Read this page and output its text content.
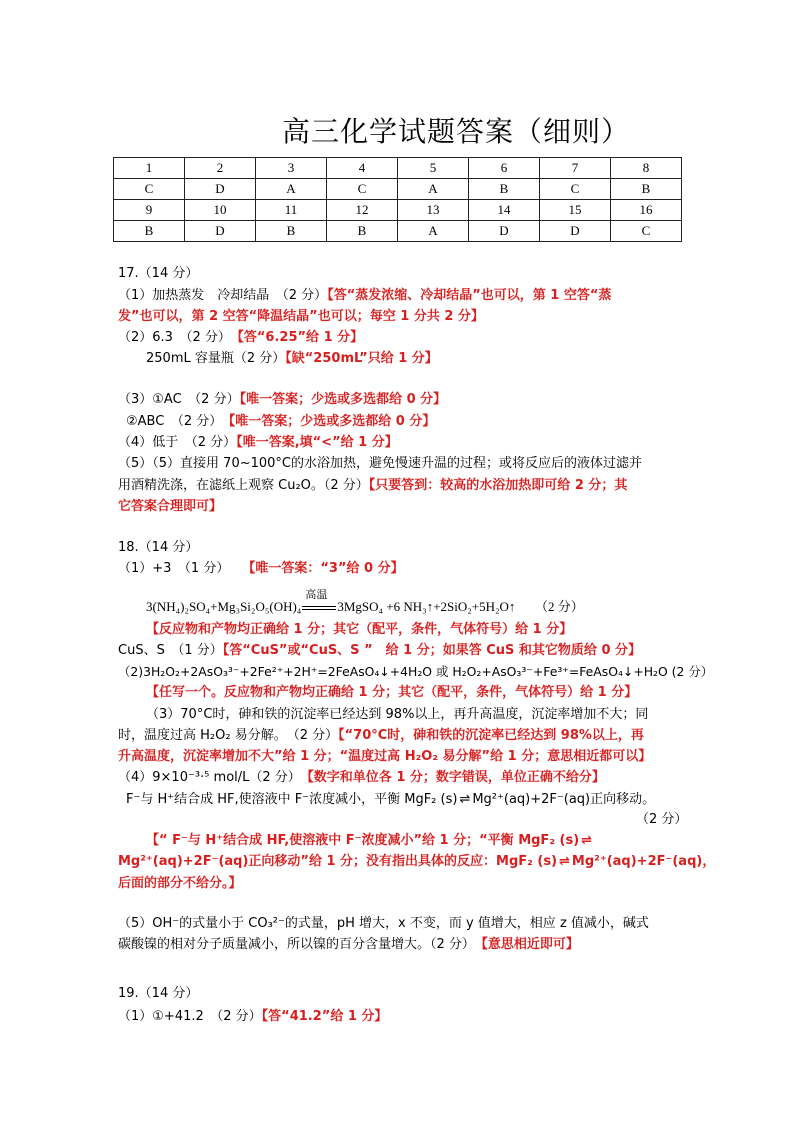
高三化学试题答案（细则）
1	2	3	4	5	6	7	8
C	D	A	C	A	B	C	B
9	10	11	12	13	14	15	16
B	D	B	B	A	D	D	C
17.（14 分）
（1）加热蒸发　冷却结晶　（2 分）【答“蒸发浓缩、冷却结晶”也可以，第 1 空答“蒸
发”也可以，第 2 空答“降温结晶”也可以；每空 1 分共 2 分】
（2）6.3　（2 分）　 【答“6.25”给 1 分】
250mL 容量瓶（2 分）【缺“250mL”只给 1 分】
（3）①AC　（2 分）【唯一答案；少选或多选都给 0 分】
②ABC　（2 分）　 【唯一答案；少选或多选都给 0 分】
（4）低于　（2 分）【唯一答案,填“<”给 1 分】
（5）（5）直接用 70~100°C的水浴加热，避免慢速升温的过程；或将反应后的液体过滤并
用酒精洗涤，在滤纸上观察 Cu₂O。（2 分）【只要答到：较高的水浴加热即可给 2 分；其
它答案合理即可】
18.（14 分）
（1）+3　（1 分）　　 【唯一答案：“3”给 0 分】
3(NH₄)₂SO₄+Mg₃Si₂O₅(OH)₄
高温
3MgSO₄ +6 NH₃↑+2SiO₂+5H₂O↑　　 （2 分）
【反应物和产物均正确给 1 分；其它（配平，条件，气体符号）给 1 分】
CuS、S　（1 分）【答“CuS”或“CuS、S ”　给 1 分；如果答 CuS 和其它物质给 0 分】
（2)3H₂O₂+2AsO₃³⁻+2Fe²⁺+2H⁺=2FeAsO₄↓+4H₂O 或 H₂O₂+AsO₃³⁻+Fe³⁺=FeAsO₄↓+H₂O (2 分）
【任写一个。反应物和产物均正确给 1 分；其它（配平，条件，气体符号）给 1 分】
（3）70°C时，砷和铁的沉淀率已经达到 98%以上，再升高温度，沉淀率增加不大；同
时，温度过高 H₂O₂ 易分解。　（2 分）【“70°C时，砷和铁的沉淀率已经达到 98%以上，再
升高温度，沉淀率增加不大”给 1 分；“温度过高 H₂O₂ 易分解”给 1 分；意思相近都可以】
（4）9×10⁻³·⁵ mol/L（2 分）　 【数字和单位各 1 分；数字错误，单位正确不给分】
F⁻与 H⁺结合成 HF,使溶液中 F⁻浓度减小，平衡 MgF₂ (s) ⇌ Mg²⁺(aq)+2F⁻(aq)正向移动。
（2 分）
【“ F⁻与 H⁺结合成 HF,使溶液中 F⁻浓度减小”给 1 分；“平衡 MgF₂ (s) ⇌
Mg²⁺(aq)+2F⁻(aq)正向移动”给 1 分；没有指出具体的反应：MgF₂ (s) ⇌ Mg²⁺(aq)+2F⁻(aq)，
后面的部分不给分。】
（5）OH⁻的式量小于 CO₃²⁻的式量，pH 增大，x 不变，而 y 值增大，相应 z 值减小，碱式
碳酸镍的相对分子质量减小，所以镍的百分含量增大。（2 分）　 【意思相近即可】
19.（14 分）
（1）①+41.2　（2 分）【答“41.2”给 1 分】
